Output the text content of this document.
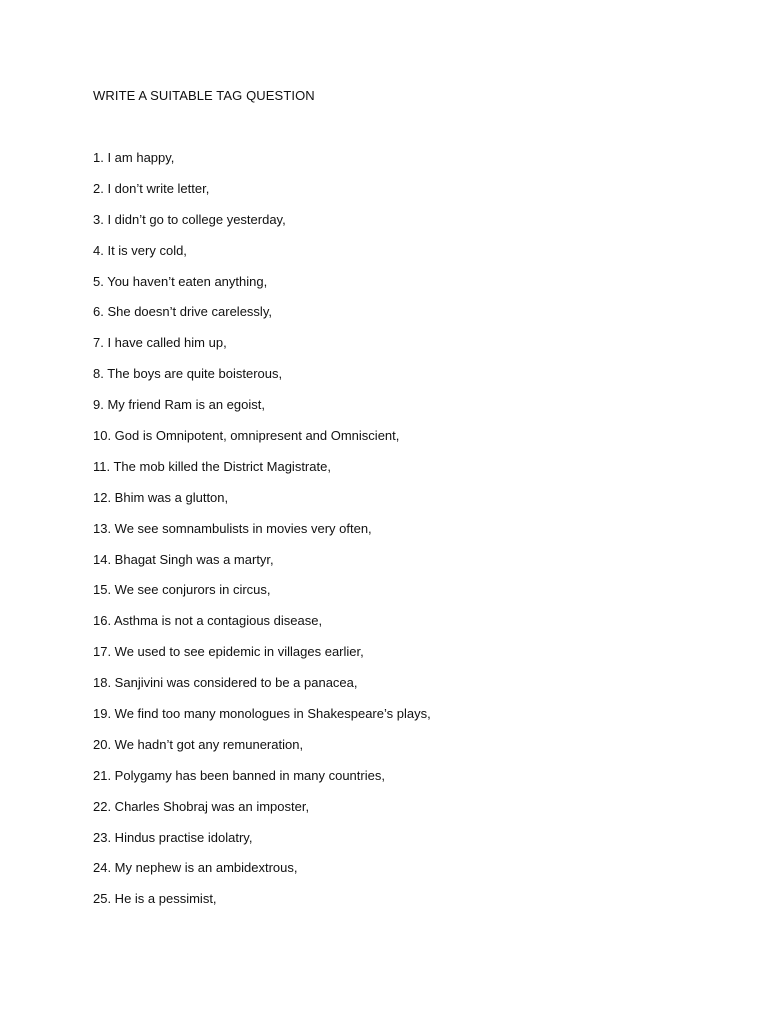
WRITE A SUITABLE TAG QUESTION
1. I am happy,
2. I don’t write letter,
3. I didn’t go to college yesterday,
4. It is very cold,
5. You haven’t eaten anything,
6. She doesn’t drive carelessly,
7. I have called him up,
8. The boys are quite boisterous,
9. My friend Ram is an egoist,
10. God is Omnipotent, omnipresent and Omniscient,
11. The mob killed the District Magistrate,
12. Bhim was a glutton,
13. We see somnambulists in movies very often,
14. Bhagat Singh was a martyr,
15. We see conjurors in circus,
16. Asthma is not a contagious disease,
17. We used to see epidemic in villages earlier,
18. Sanjivini was considered to be a panacea,
19. We find too many monologues in Shakespeare’s plays,
20. We hadn’t got any remuneration,
21. Polygamy has been banned in many countries,
22. Charles Shobraj was an imposter,
23. Hindus practise idolatry,
24. My nephew is an ambidextrous,
25. He is a pessimist,
